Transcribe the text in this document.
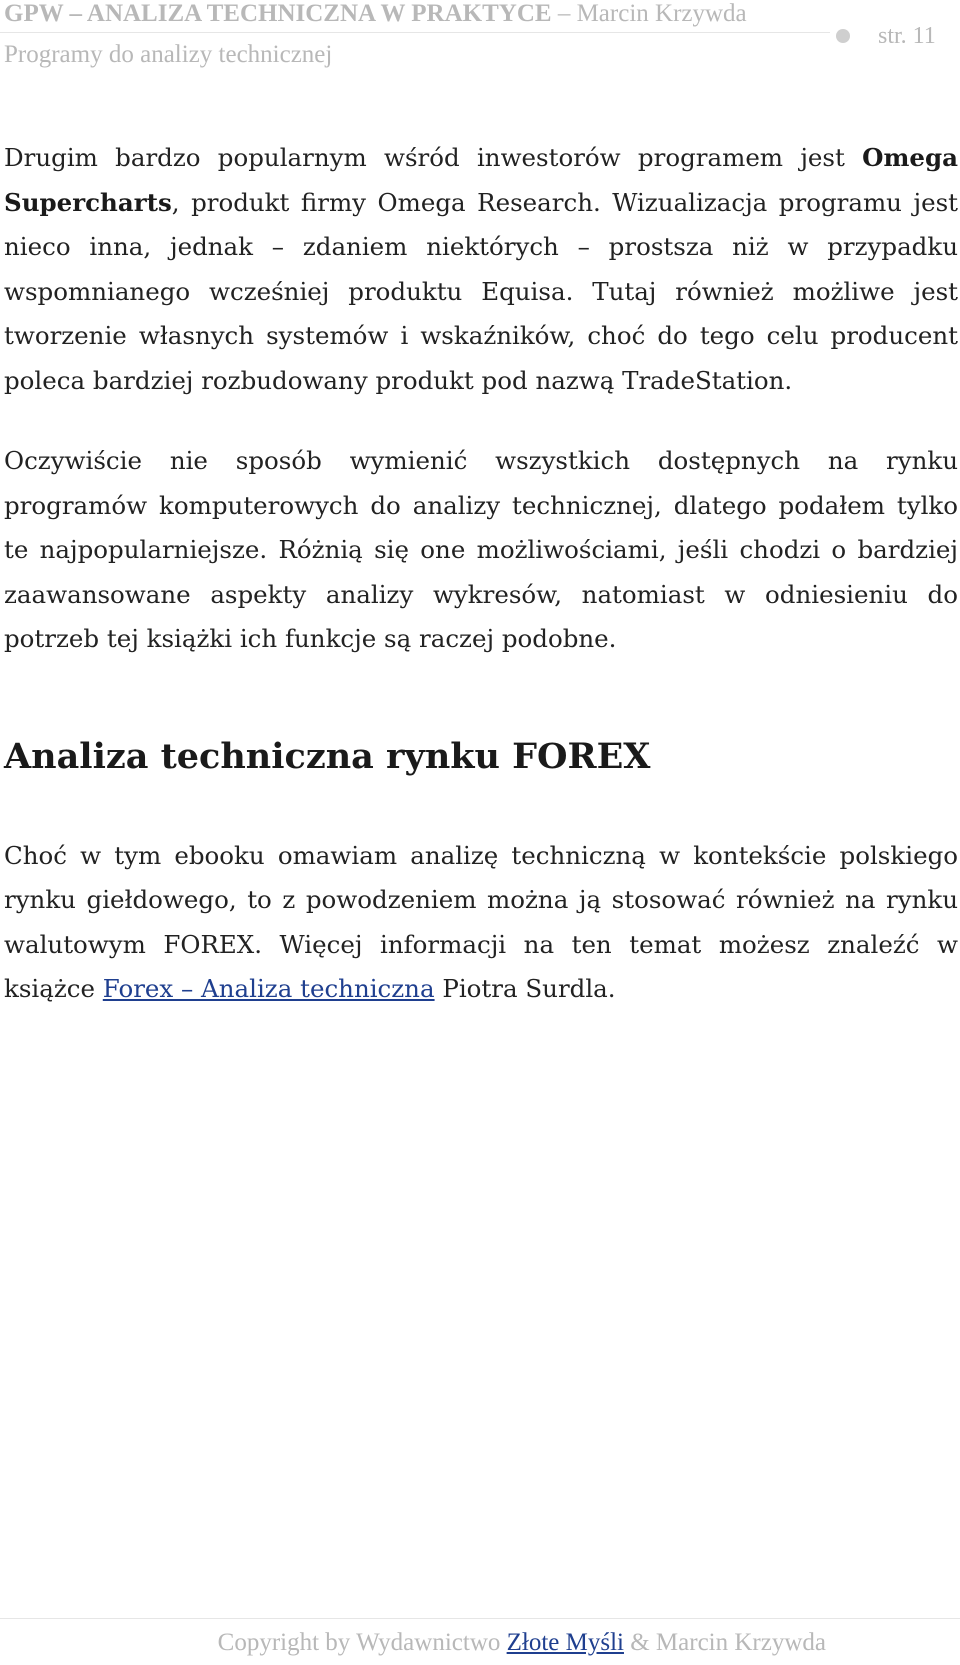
GPW – ANALIZA TECHNICZNA W PRAKTYCE – Marcin Krzywda
Programy do analizy technicznej
str. 11

Drugim bardzo popularnym wśród inwestorów programem jest Omega Supercharts, produkt firmy Omega Research. Wizualizacja programu jest nieco inna, jednak – zdaniem niektórych – prostsza niż w przypadku wspomnianego wcześniej produktu Equisa. Tutaj również możliwe jest tworzenie własnych systemów i wskaźników, choć do tego celu producent poleca bardziej rozbudowany produkt pod nazwą TradeStation.

Oczywiście nie sposób wymienić wszystkich dostępnych na rynku programów komputerowych do analizy technicznej, dlatego podałem tylko te najpopularniejsze. Różnią się one możliwościami, jeśli chodzi o bardziej zaawansowane aspekty analizy wykresów, natomiast w odniesieniu do potrzeb tej książki ich funkcje są raczej podobne.

Analiza techniczna rynku FOREX

Choć w tym ebooku omawiam analizę techniczną w kontekście polskiego rynku giełdowego, to z powodzeniem można ją stosować również na rynku walutowym FOREX. Więcej informacji na ten temat możesz znaleźć w książce Forex – Analiza techniczna Piotra Surdla.

Copyright by Wydawnictwo Złote Myśli & Marcin Krzywda
